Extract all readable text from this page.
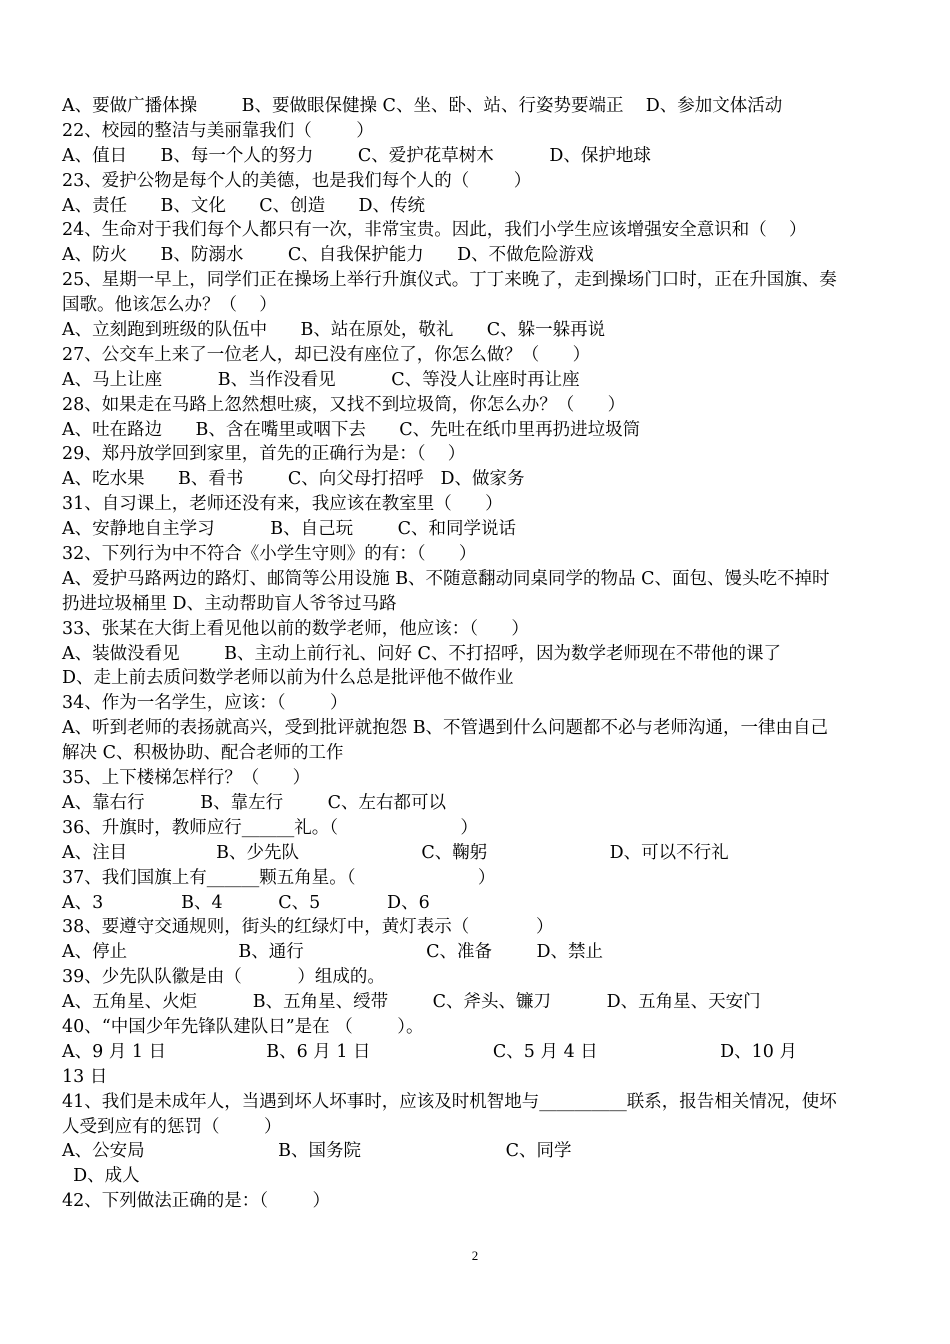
A、要做广播体操        B、要做眼保健操 C、坐、卧、站、行姿势要端正    D、参加文体活动
22、校园的整洁与美丽靠我们（        ）
A、值日      B、每一个人的努力        C、爱护花草树木          D、保护地球
23、爱护公物是每个人的美德，也是我们每个人的（        ）
A、责任      B、文化      C、创造      D、传统
24、生命对于我们每个人都只有一次，非常宝贵。因此，我们小学生应该增强安全意识和（    ）
A、防火      B、防溺水        C、自我保护能力      D、不做危险游戏
25、星期一早上，同学们正在操场上举行升旗仪式。丁丁来晚了，走到操场门口时，正在升国旗、奏
国歌。他该怎么办？（    ）
A、立刻跑到班级的队伍中      B、站在原处，敬礼      C、躲一躲再说
27、公交车上来了一位老人，却已没有座位了，你怎么做？（      ）
A、马上让座          B、当作没看见          C、等没人让座时再让座
28、如果走在马路上忽然想吐痰，又找不到垃圾筒，你怎么办？（      ）
A、吐在路边      B、含在嘴里或咽下去      C、先吐在纸巾里再扔进垃圾筒
29、郑丹放学回到家里，首先的正确行为是：（    ）
A、吃水果      B、看书        C、向父母打招呼   D、做家务
31、自习课上，老师还没有来，我应该在教室里（      ）
A、安静地自主学习          B、自己玩        C、和同学说话
32、下列行为中不符合《小学生守则》的有：（      ）
A、爱护马路两边的路灯、邮筒等公用设施 B、不随意翻动同桌同学的物品 C、面包、馒头吃不掉时
扔进垃圾桶里 D、主动帮助盲人爷爷过马路
33、张某在大街上看见他以前的数学老师，他应该：（      ）
A、装做没看见        B、主动上前行礼、问好 C、不打招呼，因为数学老师现在不带他的课了
D、走上前去质问数学老师以前为什么总是批评他不做作业
34、作为一名学生，应该：（        ）
A、听到老师的表扬就高兴，受到批评就抱怨 B、不管遇到什么问题都不必与老师沟通，一律由自己
解决 C、积极协助、配合老师的工作
35、上下楼梯怎样行？（      ）
A、靠右行          B、靠左行        C、左右都可以
36、升旗时，教师应行______礼。（                      ）
A、注目                B、少先队                      C、鞠躬                      D、可以不行礼
37、我们国旗上有______颗五角星。（                      ）
A、3              B、4          C、5            D、6
38、要遵守交通规则，街头的红绿灯中，黄灯表示（            ）
A、停止                    B、通行                      C、准备        D、禁止
39、少先队队徽是由（          ）组成的。
A、五角星、火炬          B、五角星、绶带        C、斧头、镰刀          D、五角星、天安门
40、“中国少年先锋队建队日”是在 （        ）。
A、9 月 1 日                  B、6 月 1 日                      C、5 月 4 日                      D、10 月
13 日
41、我们是未成年人，当遇到坏人坏事时，应该及时机智地与__________联系，报告相关情况，使坏
人受到应有的惩罚（        ）
A、公安局                        B、国务院                          C、同学
D、成人
42、下列做法正确的是：（        ）
2
